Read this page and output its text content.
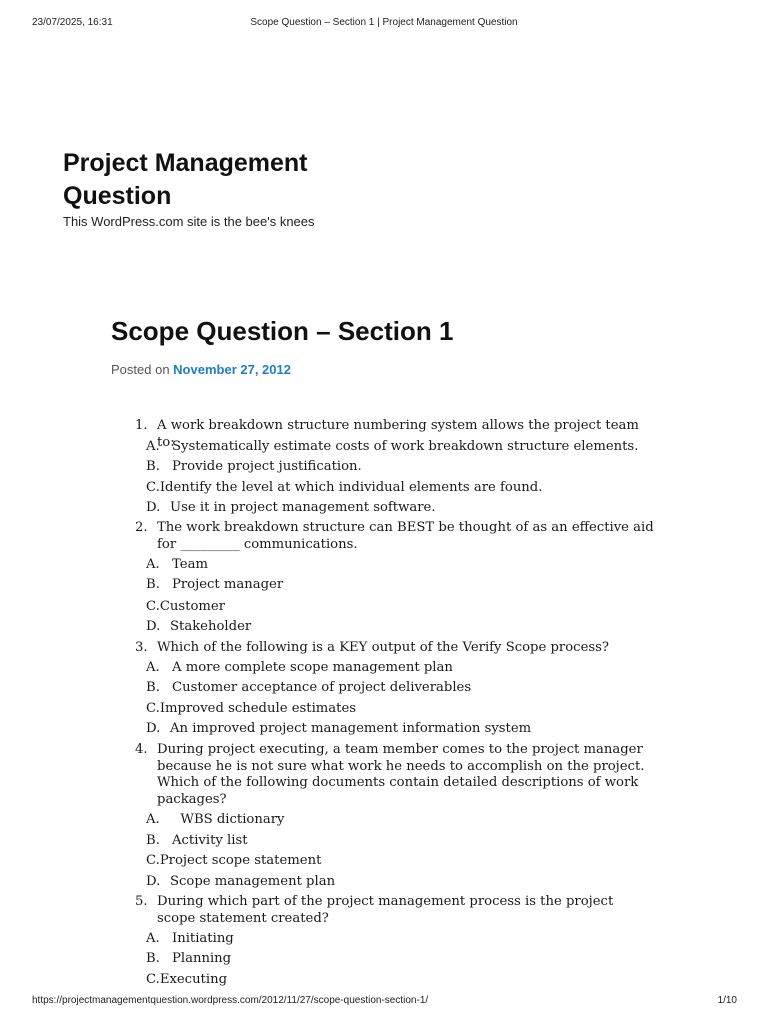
23/07/2025, 16:31	Scope Question – Section 1 | Project Management Question
Project Management Question
This WordPress.com site is the bee's knees
Scope Question – Section 1
Posted on November 27, 2012
1. A work breakdown structure numbering system allows the project team to:
A. Systematically estimate costs of work breakdown structure elements.
B. Provide project justification.
C.Identify the level at which individual elements are found.
D. Use it in project management software.
2. The work breakdown structure can BEST be thought of as an effective aid for _________ communications.
A. Team
B. Project manager
C.Customer
D. Stakeholder
3. Which of the following is a KEY output of the Verify Scope process?
A. A more complete scope management plan
B. Customer acceptance of project deliverables
C.Improved schedule estimates
D. An improved project management information system
4. During project executing, a team member comes to the project manager because he is not sure what work he needs to accomplish on the project. Which of the following documents contain detailed descriptions of work packages?
A.  WBS dictionary
B. Activity list
C.Project scope statement
D. Scope management plan
5. During which part of the project management process is the project scope statement created?
A. Initiating
B. Planning
C.Executing
https://projectmanagementquestion.wordpress.com/2012/11/27/scope-question-section-1/	1/10
